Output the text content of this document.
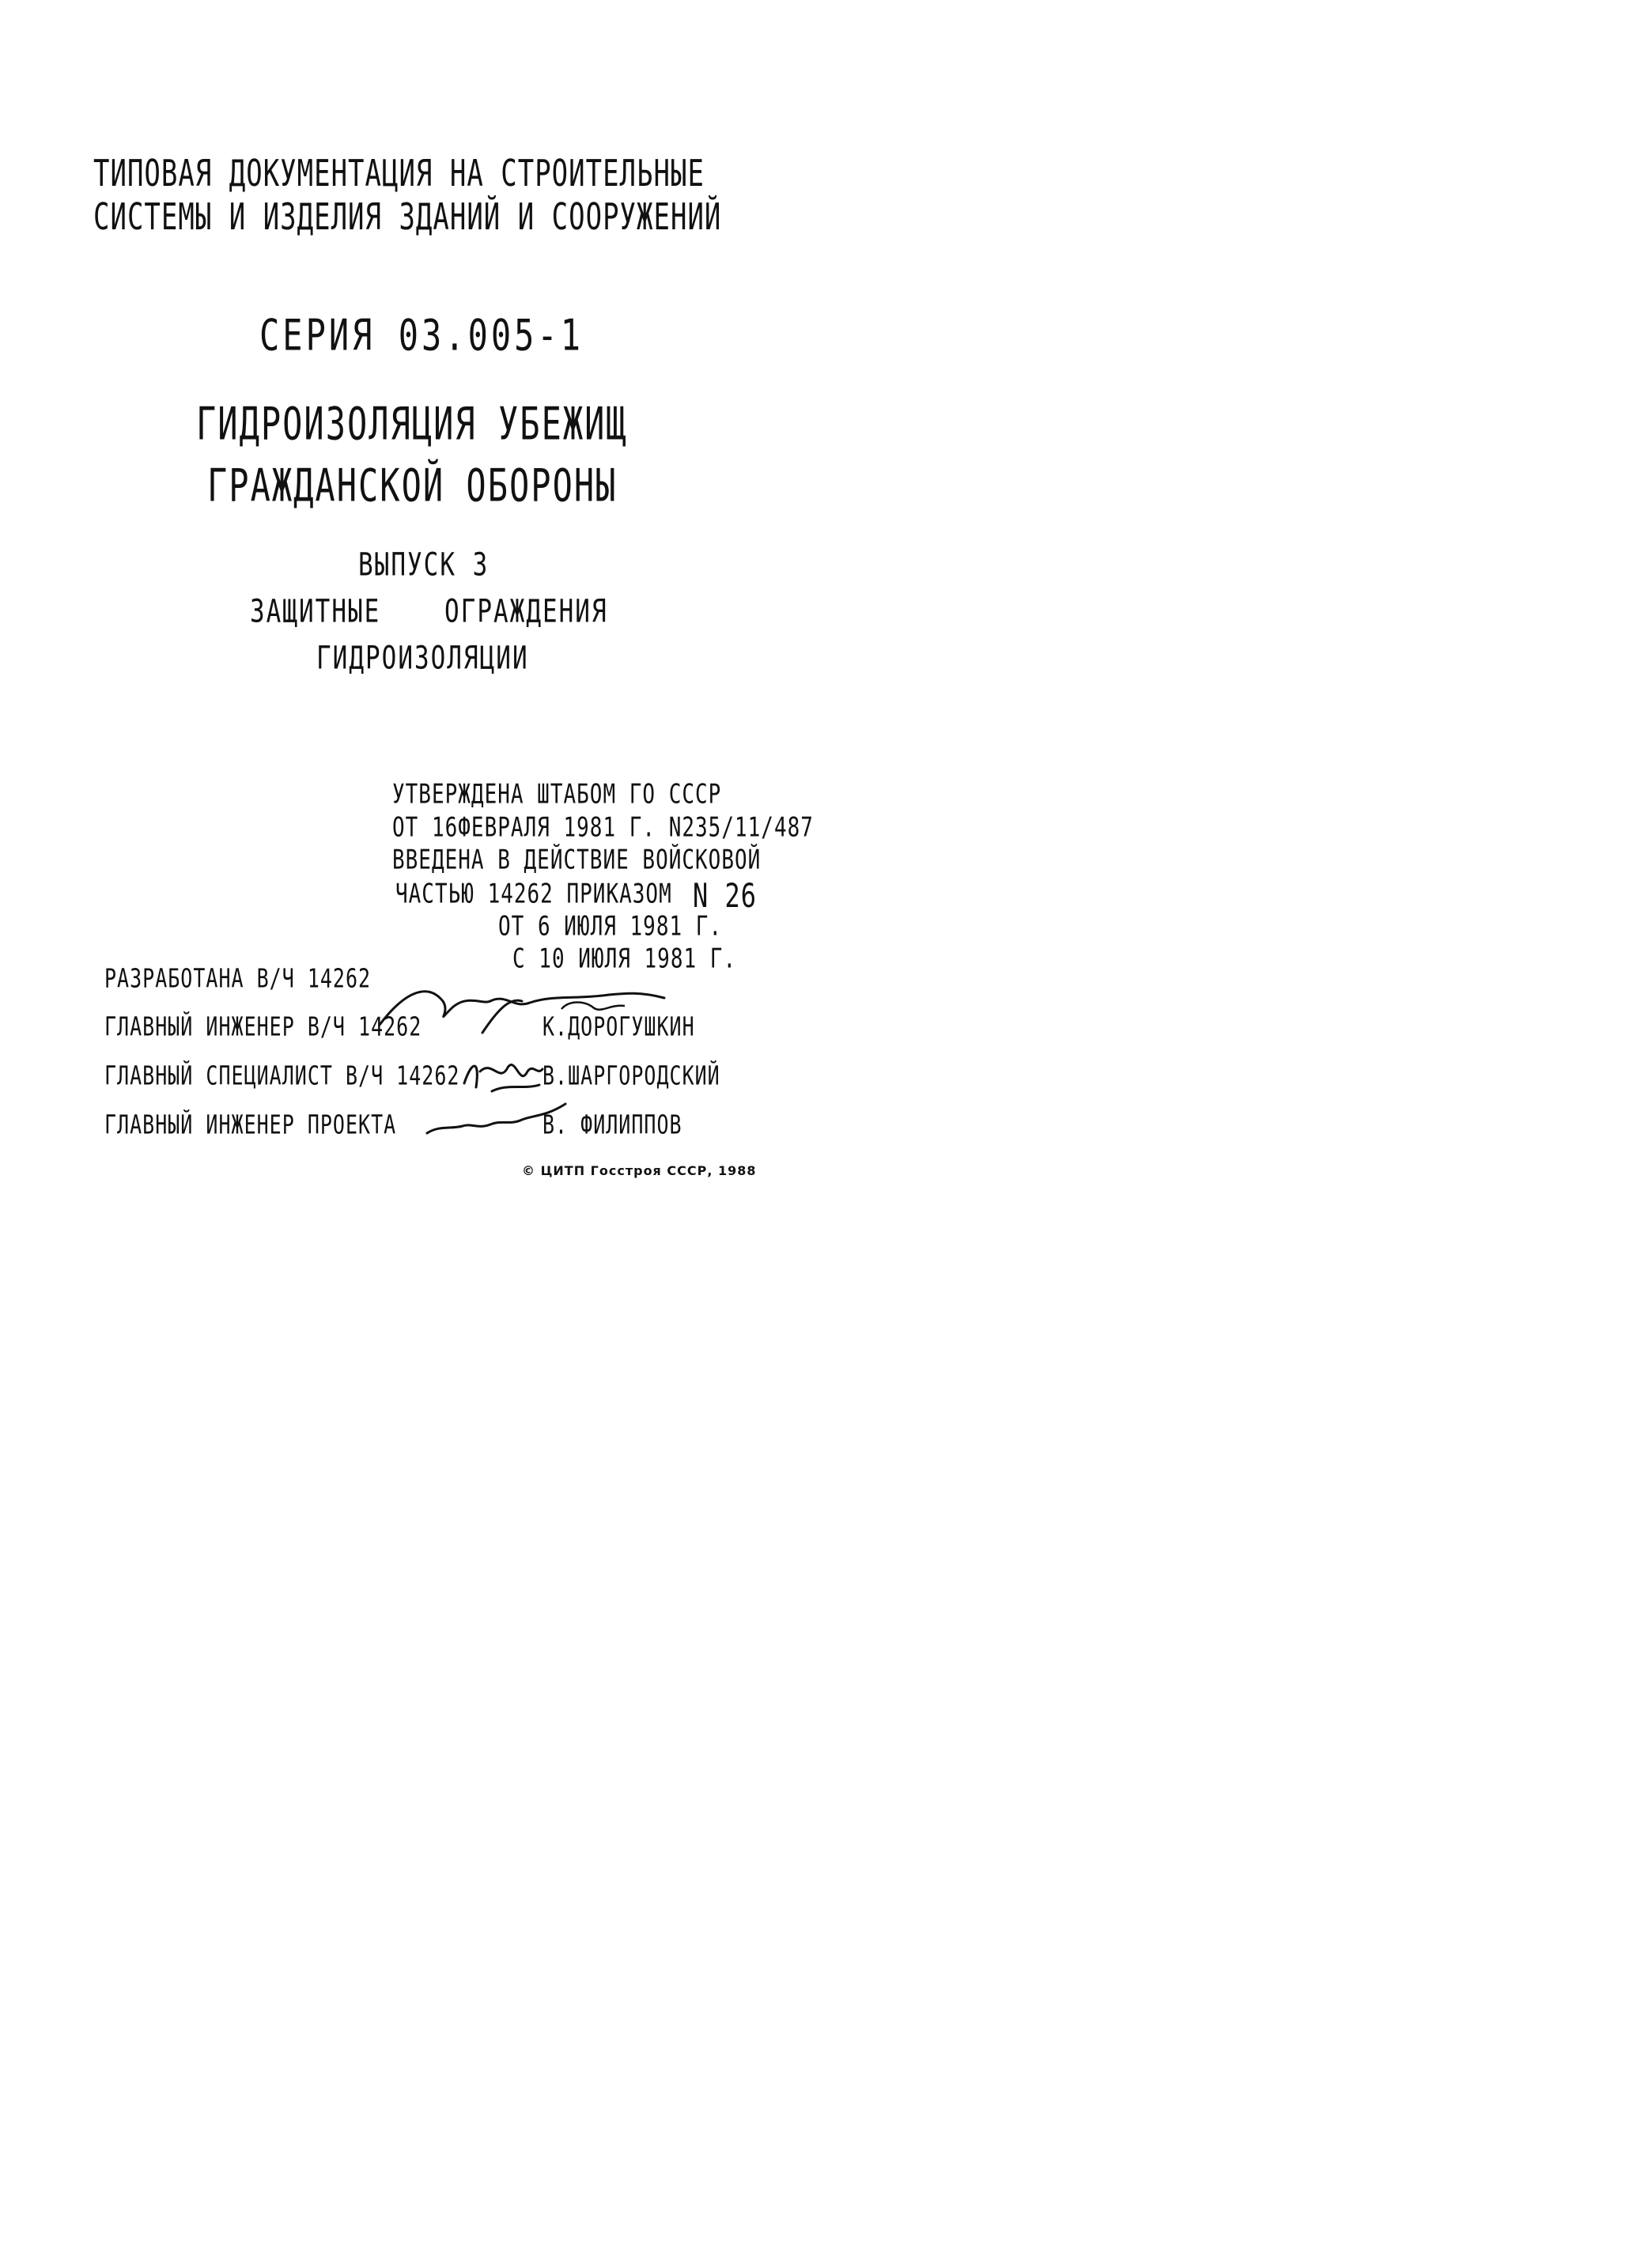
ТИПОВАЯ ДОКУМЕНТАЦИЯ НА СТРОИТЕЛЬНЫЕ
СИСТЕМЫ И ИЗДЕЛИЯ ЗДАНИЙ И СООРУЖЕНИЙ
СЕРИЯ 03.005-1
ГИДРОИЗОЛЯЦИЯ УБЕЖИЩ
ГРАЖДАНСКОЙ ОБОРОНЫ
ВЫПУСК 3
ЗАЩИТНЫЕ	ОГРАЖДЕНИЯ
ГИДРОИЗОЛЯЦИИ
УТВЕРЖДЕНА ШТАБОМ ГО СССР
ОТ 16ФЕВРАЛЯ 1981 Г. N235/11/487
ВВЕДЕНА В ДЕЙСТВИЕ ВОЙСКОВОЙ
ЧАСТЬЮ 14262 ПРИКАЗОМ N 26
ОТ 6 ИЮЛЯ 1981 Г.
С 10 ИЮЛЯ 1981 Г.
РАЗРАБОТАНА В/Ч 14262
ГЛАВНЫЙ ИНЖЕНЕР В/Ч 14262	К.ДОРОГУШКИН
ГЛАВНЫЙ СПЕЦИАЛИСТ В/Ч 14262	В.ШАРГОРОДСКИЙ
ГЛАВНЫЙ ИНЖЕНЕР ПРОЕКТА	В. ФИЛИППОВ
© ЦИТП Госстроя СССР, 1988
